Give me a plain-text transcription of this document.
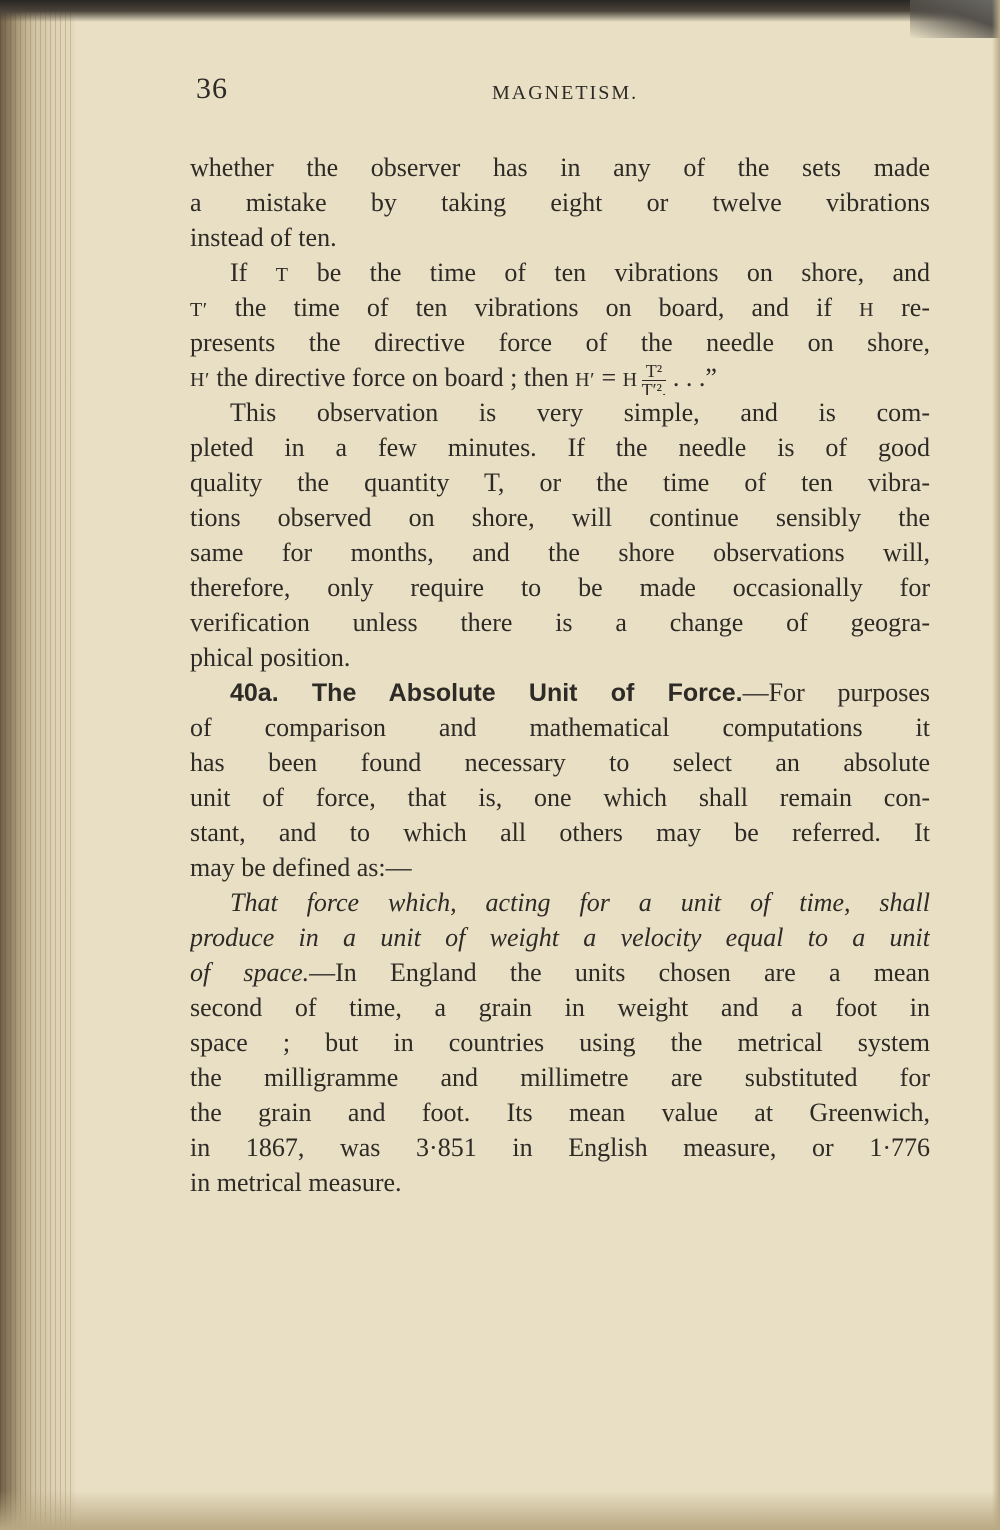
36	MAGNETISM.

whether the observer has in any of the sets made
a mistake by taking eight or twelve vibrations
instead of ten.

If T be the time of ten vibrations on shore, and
T′ the time of ten vibrations on board, and if H re-
presents the directive force of the needle on shore,
H′ the directive force on board ; then H′ = H $\frac{\text{T²}}{\text{T′².}}$ . . .”

This observation is very simple, and is com-
pleted in a few minutes. If the needle is of good
quality the quantity T, or the time of ten vibra-
tions observed on shore, will continue sensibly the
same for months, and the shore observations will,
therefore, only require to be made occasionally for
verification unless there is a change of geogra-
phical position.

40a. The Absolute Unit of Force.—For purposes
of comparison and mathematical computations it
has been found necessary to select an absolute
unit of force, that is, one which shall remain con-
stant, and to which all others may be referred. It
may be defined as:—

That force which, acting for a unit of time, shall
produce in a unit of weight a velocity equal to a unit
of space.—In England the units chosen are a mean
second of time, a grain in weight and a foot in
space ; but in countries using the metrical system
the milligramme and millimetre are substituted for
the grain and foot. Its mean value at Greenwich,
in 1867, was 3·851 in English measure, or 1·776
in metrical measure.
